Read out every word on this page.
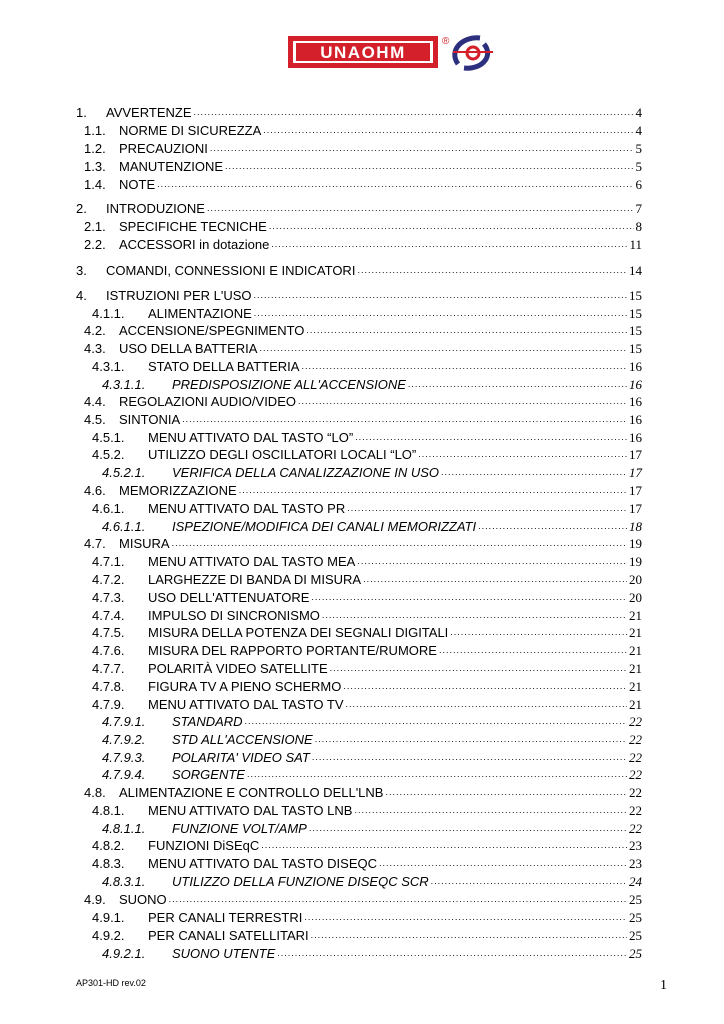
UNAOHM
®
1.	AVVERTENZE .....	4
1.1.	NORME DI SICUREZZA .....	4
1.2.	PRECAUZIONI .....	5
1.3.	MANUTENZIONE .....	5
1.4.	NOTE .....	6
2.	INTRODUZIONE .....	7
2.1.	SPECIFICHE TECNICHE .....	8
2.2.	ACCESSORI in dotazione .....	11
3.	COMANDI, CONNESSIONI E INDICATORI .....	14
4.	ISTRUZIONI PER L'USO .....	15
4.1.1.	ALIMENTAZIONE .....	15
4.2.	ACCENSIONE/SPEGNIMENTO .....	15
4.3.	USO DELLA BATTERIA .....	15
4.3.1.	STATO DELLA BATTERIA .....	16
4.3.1.1.	PREDISPOSIZIONE ALL'ACCENSIONE .....	16
4.4.	REGOLAZIONI AUDIO/VIDEO .....	16
4.5.	SINTONIA .....	16
4.5.1.	MENU ATTIVATO DAL TASTO “LO” .....	16
4.5.2.	UTILIZZO DEGLI OSCILLATORI LOCALI “LO” .....	17
4.5.2.1.	VERIFICA DELLA CANALIZZAZIONE IN USO .....	17
4.6.	MEMORIZZAZIONE .....	17
4.6.1.	MENU ATTIVATO DAL TASTO PR .....	17
4.6.1.1.	ISPEZIONE/MODIFICA DEI CANALI MEMORIZZATI .....	18
4.7.	MISURA .....	19
4.7.1.	MENU ATTIVATO DAL TASTO MEA .....	19
4.7.2.	LARGHEZZE DI BANDA DI MISURA .....	20
4.7.3.	USO DELL'ATTENUATORE .....	20
4.7.4.	IMPULSO DI SINCRONISMO .....	21
4.7.5.	MISURA DELLA POTENZA DEI SEGNALI DIGITALI .....	21
4.7.6.	MISURA DEL RAPPORTO PORTANTE/RUMORE .....	21
4.7.7.	POLARITÀ VIDEO SATELLITE .....	21
4.7.8.	FIGURA TV A PIENO SCHERMO .....	21
4.7.9.	MENU ATTIVATO DAL TASTO TV .....	21
4.7.9.1.	STANDARD .....	22
4.7.9.2.	STD ALL'ACCENSIONE .....	22
4.7.9.3.	POLARITA' VIDEO SAT .....	22
4.7.9.4.	SORGENTE .....	22
4.8.	ALIMENTAZIONE E CONTROLLO DELL'LNB .....	22
4.8.1.	MENU ATTIVATO DAL TASTO LNB .....	22
4.8.1.1.	FUNZIONE VOLT/AMP .....	22
4.8.2.	FUNZIONI DiSEqC .....	23
4.8.3.	MENU ATTIVATO DAL TASTO DISEQC .....	23
4.8.3.1.	UTILIZZO DELLA FUNZIONE DISEQC SCR .....	24
4.9.	SUONO .....	25
4.9.1.	PER CANALI TERRESTRI .....	25
4.9.2.	PER CANALI SATELLITARI .....	25
4.9.2.1.	SUONO UTENTE .....	25
AP301-HD rev.02	1
